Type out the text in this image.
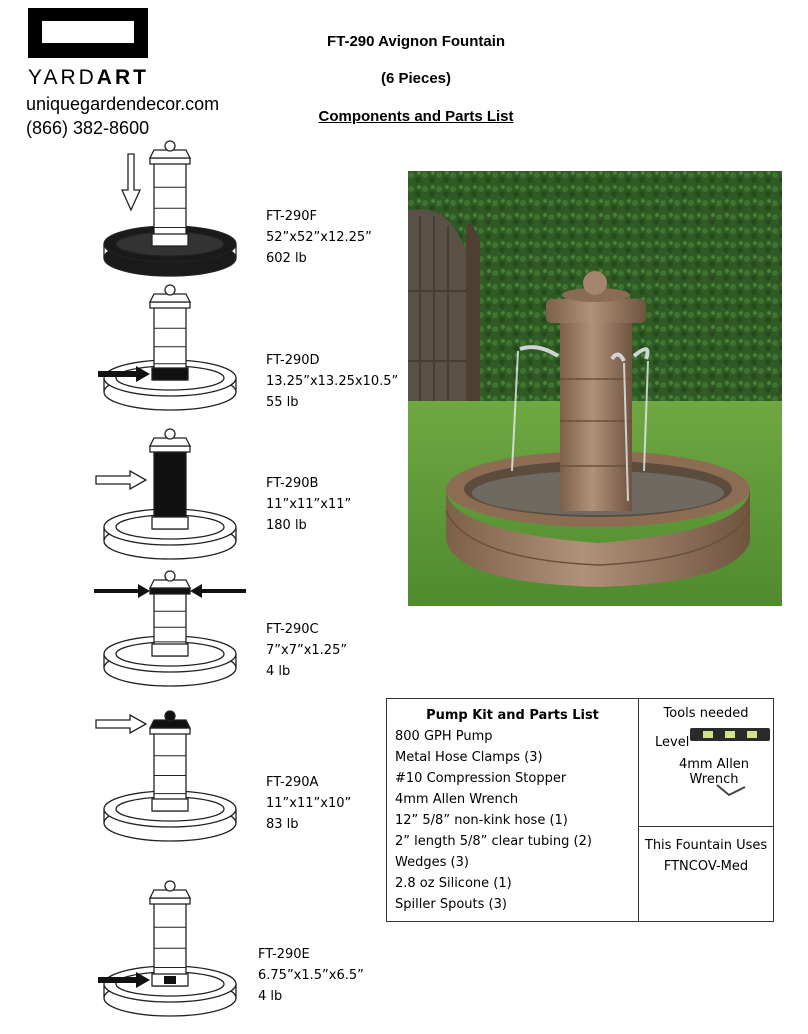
YARDART
uniquegardendecor.com
(866) 382-8600
FT-290 Avignon Fountain
(6 Pieces)
Components and Parts List
FT-290F
52”x52”x12.25”
602 lb
FT-290D
13.25”x13.25x10.5”
55 lb
FT-290B
11”x11”x11”
180 lb
FT-290C
7”x7”x1.25”
4 lb
FT-290A
11”x11”x10”
83 lb
FT-290E
6.75”x1.5”x6.5”
4 lb
Pump Kit and Parts List
800 GPH Pump
Metal Hose Clamps (3)
#10 Compression Stopper
4mm Allen Wrench
12” 5/8” non-kink hose (1)
2” length 5/8” clear tubing (2)
Wedges (3)
2.8 oz Silicone (1)
Spiller Spouts (3)

Tools needed
Level
4mm Allen Wrench

This Fountain Uses
FTNCOV-Med
